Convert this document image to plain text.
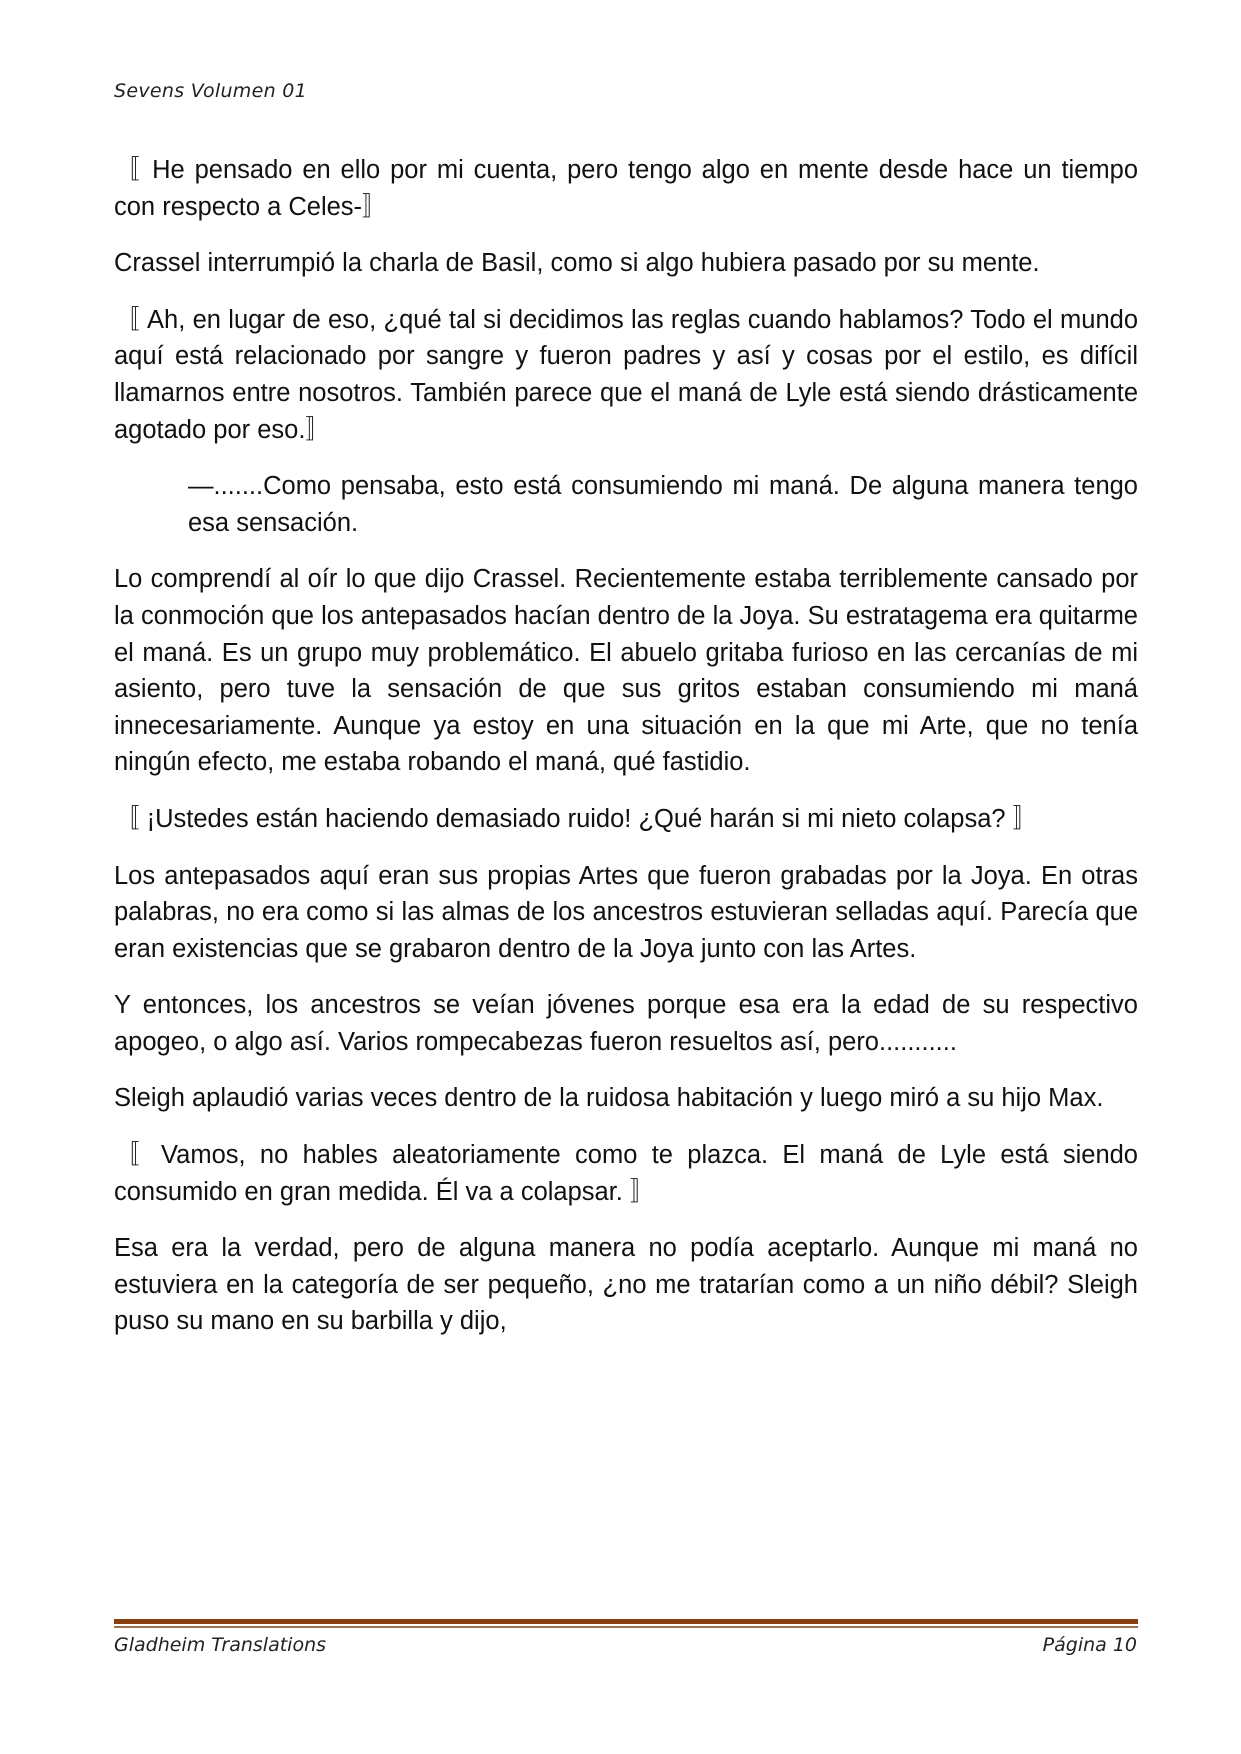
Sevens Volumen 01

〚 He pensado en ello por mi cuenta, pero tengo algo en mente desde hace un tiempo con respecto a Celes-〛

Crassel interrumpió la charla de Basil, como si algo hubiera pasado por su mente.

〚 Ah, en lugar de eso, ¿qué tal si decidimos las reglas cuando hablamos? Todo el mundo aquí está relacionado por sangre y fueron padres y así y cosas por el estilo, es difícil llamarnos entre nosotros. También parece que el maná de Lyle está siendo drásticamente agotado por eso.〛

—.......Como pensaba, esto está consumiendo mi maná. De alguna manera tengo esa sensación.

Lo comprendí al oír lo que dijo Crassel. Recientemente estaba terriblemente cansado por la conmoción que los antepasados hacían dentro de la Joya. Su estratagema era quitarme el maná. Es un grupo muy problemático. El abuelo gritaba furioso en las cercanías de mi asiento, pero tuve la sensación de que sus gritos estaban consumiendo mi maná innecesariamente. Aunque ya estoy en una situación en la que mi Arte, que no tenía ningún efecto, me estaba robando el maná, qué fastidio.

〚 ¡Ustedes están haciendo demasiado ruido! ¿Qué harán si mi nieto colapsa? 〛

Los antepasados aquí eran sus propias Artes que fueron grabadas por la Joya. En otras palabras, no era como si las almas de los ancestros estuvieran selladas aquí. Parecía que eran existencias que se grabaron dentro de la Joya junto con las Artes.

Y entonces, los ancestros se veían jóvenes porque esa era la edad de su respectivo apogeo, o algo así. Varios rompecabezas fueron resueltos así, pero...........

Sleigh aplaudió varias veces dentro de la ruidosa habitación y luego miró a su hijo Max.

〚 Vamos, no hables aleatoriamente como te plazca. El maná de Lyle está siendo consumido en gran medida. Él va a colapsar. 〛

Esa era la verdad, pero de alguna manera no podía aceptarlo. Aunque mi maná no estuviera en la categoría de ser pequeño, ¿no me tratarían como a un niño débil? Sleigh puso su mano en su barbilla y dijo,

Gladheim Translations	Página 10
